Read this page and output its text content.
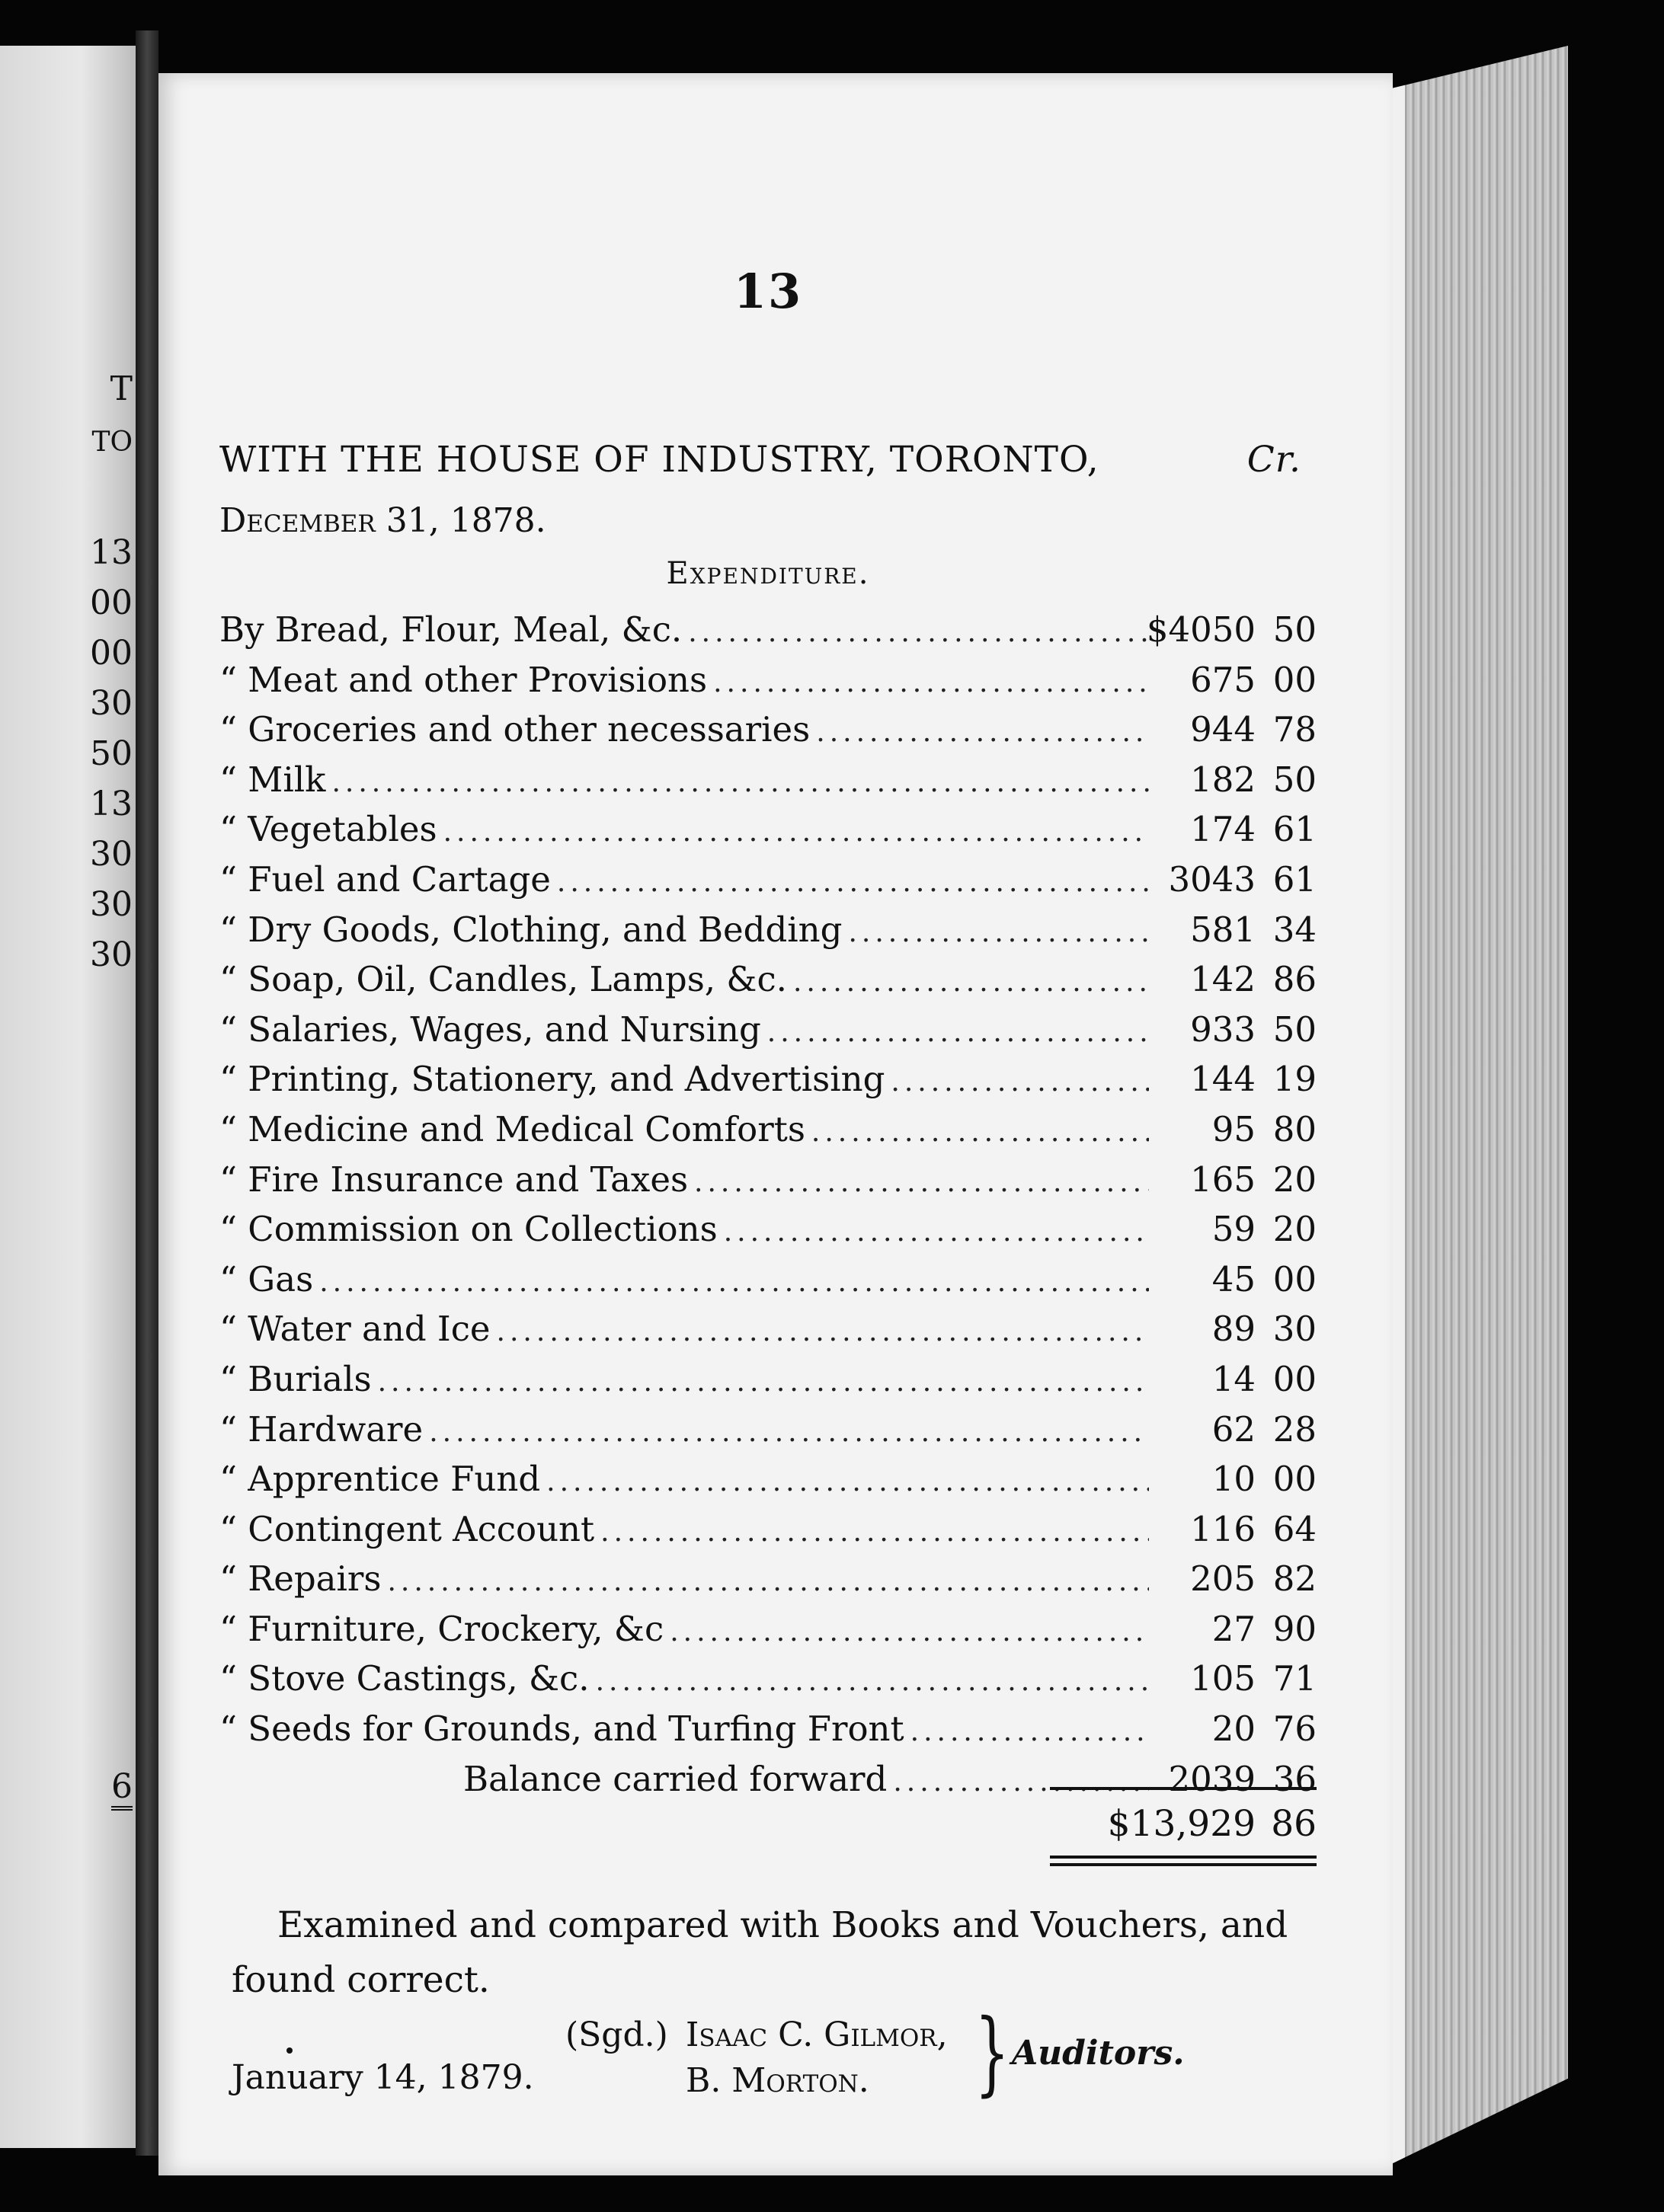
T
TO
13
00
00
30
50
13
30
30
30
6
13
WITH THE HOUSE OF INDUSTRY, TORONTO,	Cr.
December 31, 1878.
Expenditure.
By Bread, Flour, Meal, &c. .....	$4050 50
“ Meat and other Provisions .....	675 00
“ Groceries and other necessaries .....	944 78
“ Milk .....	182 50
“ Vegetables .....	174 61
“ Fuel and Cartage .....	3043 61
“ Dry Goods, Clothing, and Bedding .....	581 34
“ Soap, Oil, Candles, Lamps, &c. .....	142 86
“ Salaries, Wages, and Nursing .....	933 50
“ Printing, Stationery, and Advertising .....	144 19
“ Medicine and Medical Comforts .....	95 80
“ Fire Insurance and Taxes .....	165 20
“ Commission on Collections .....	59 20
“ Gas .....	45 00
“ Water and Ice .....	89 30
“ Burials .....	14 00
“ Hardware .....	62 28
“ Apprentice Fund .....	10 00
“ Contingent Account .....	116 64
“ Repairs .....	205 82
“ Furniture, Crockery, &c .....	27 90
“ Stove Castings, &c. .....	105 71
“ Seeds for Grounds, and Turfing Front .....	20 76
Balance carried forward .....	2039 36
$13,929 86
Examined and compared with Books and Vouchers, and found correct.
January 14, 1879.
(Sgd.) Isaac C. Gilmor,
B. Morton. } Auditors.
